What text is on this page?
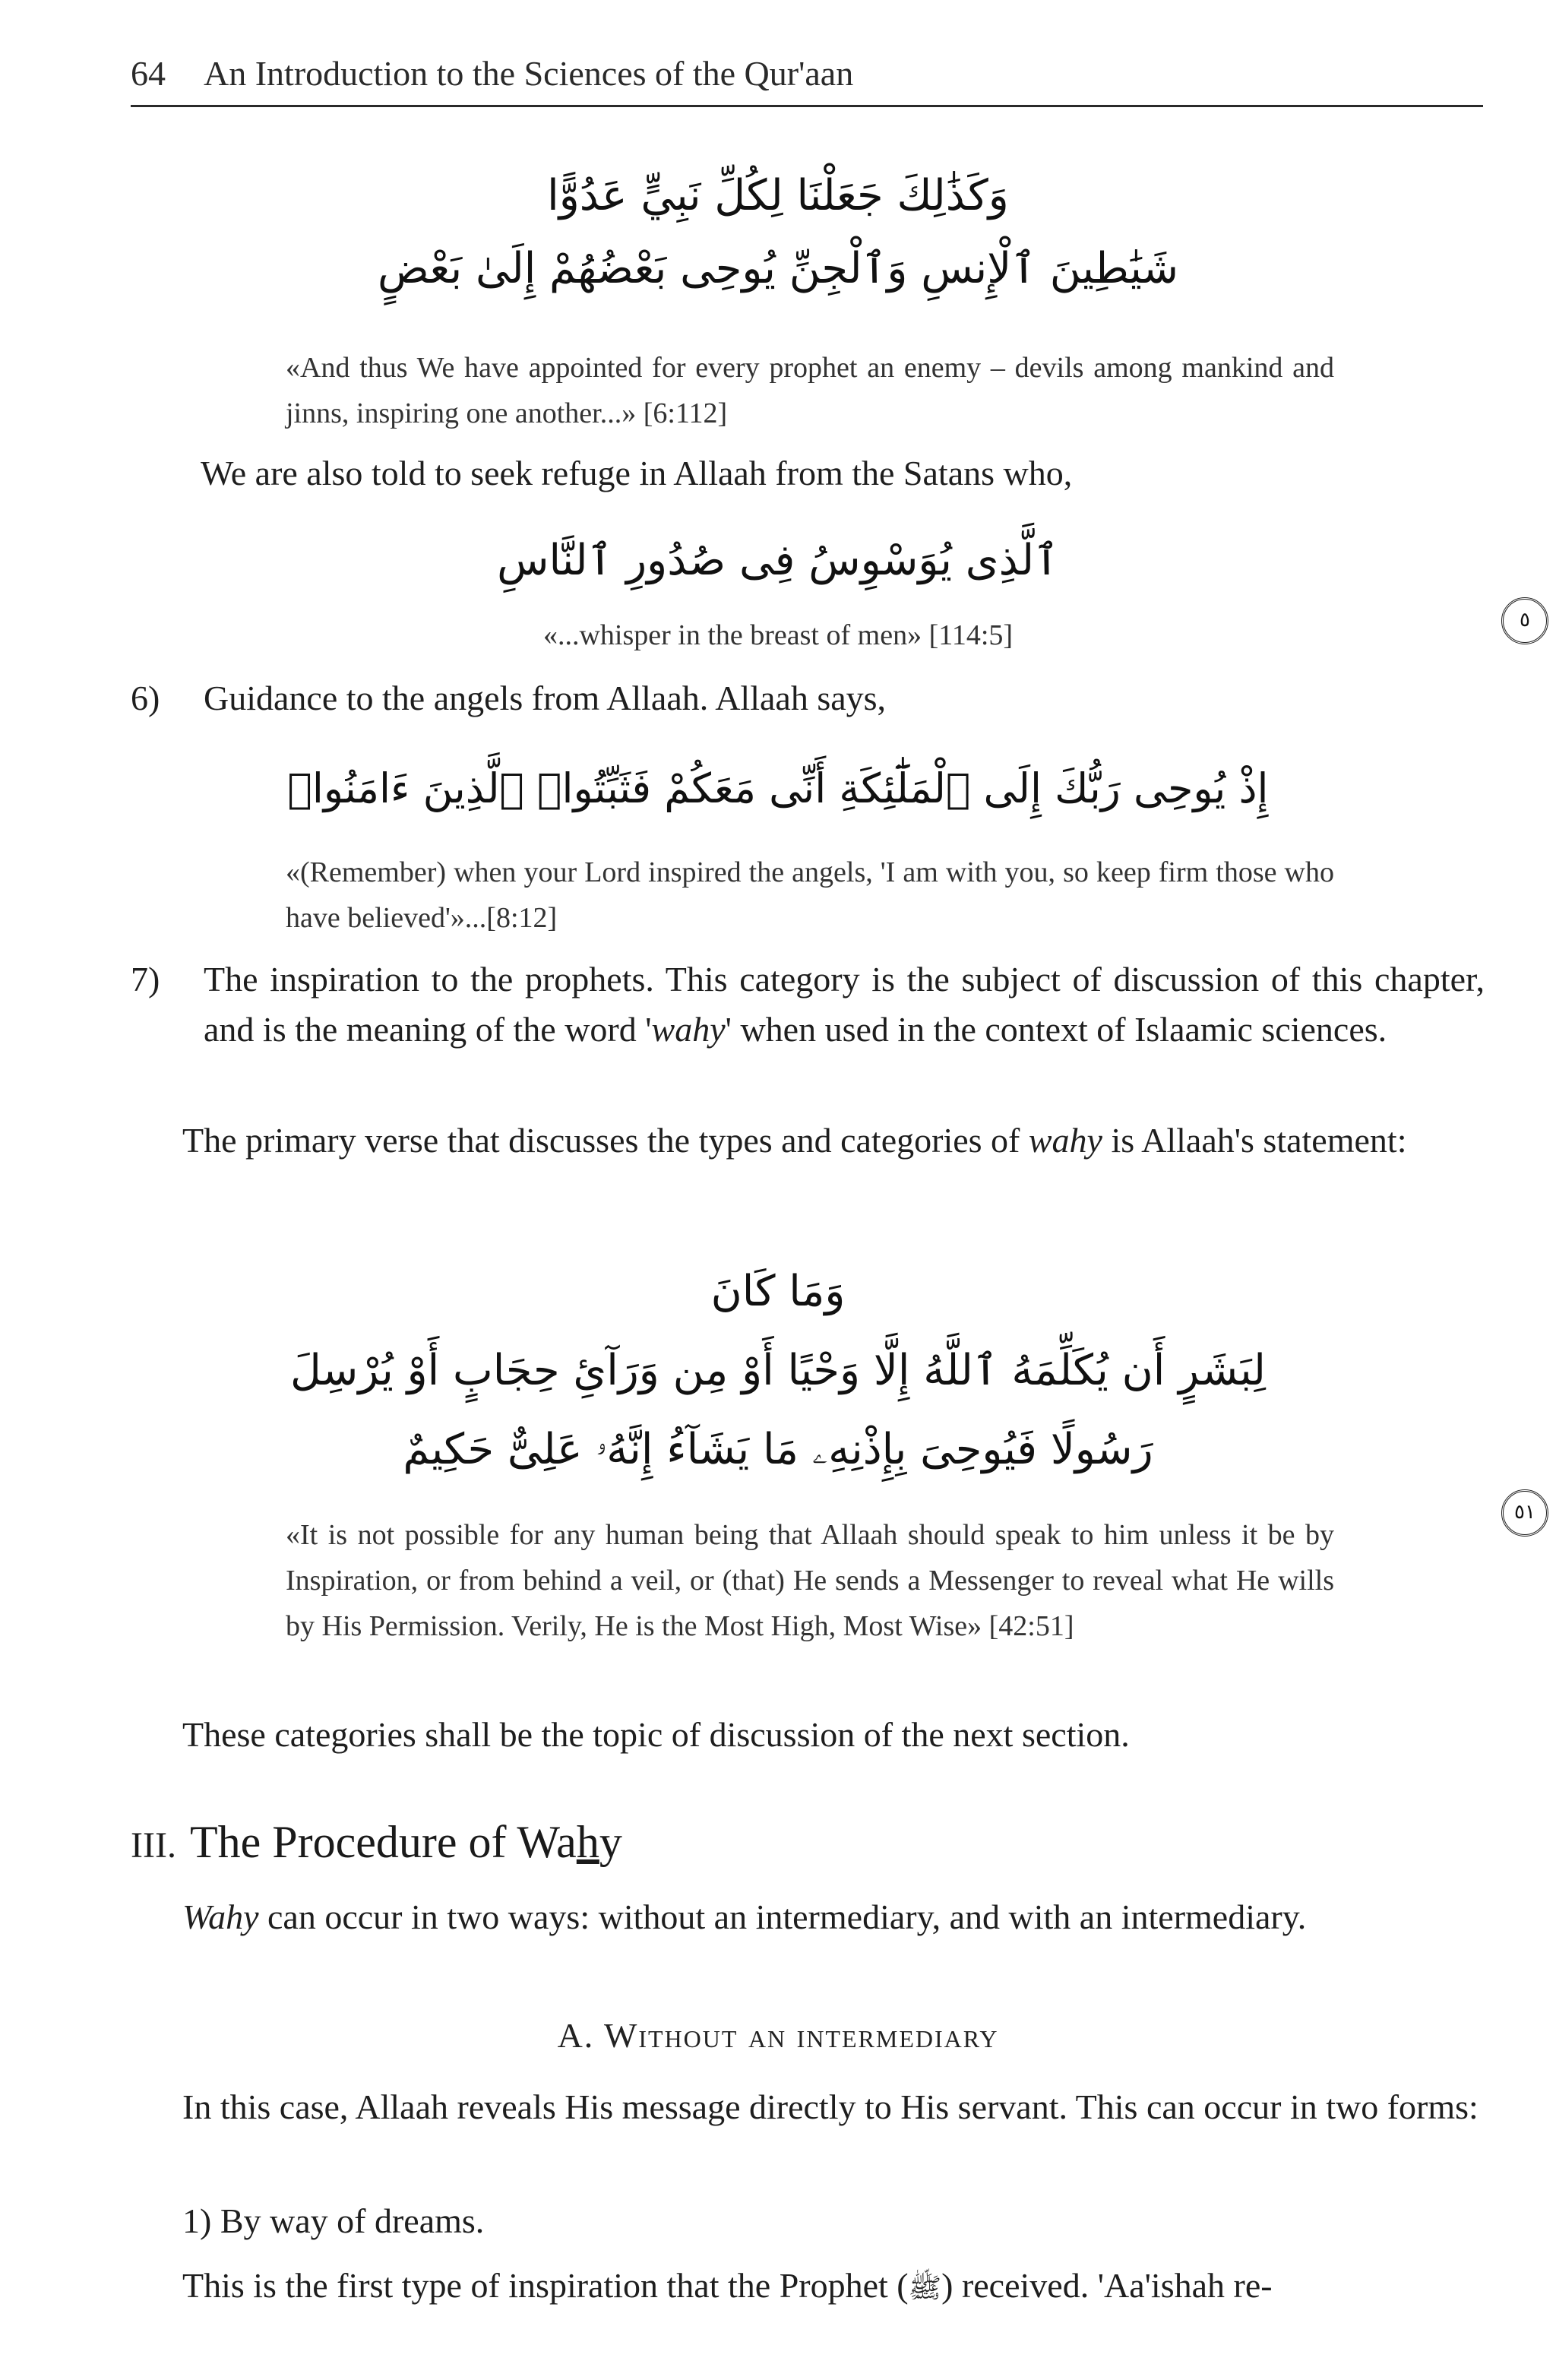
64 An Introduction to the Sciences of the Qur'aan
وَكَذَٰلِكَ جَعَلْنَا لِكُلِّ نَبِيٍّ عَدُوًّا
شَيَٰطِينَ ٱلْإِنسِ وَٱلْجِنِّ يُوحِى بَعْضُهُمْ إِلَىٰ بَعْضٍ
«And thus We have appointed for every prophet an enemy – devils among mankind and jinns, inspiring one another...» [6:112]
We are also told to seek refuge in Allaah from the Satans who,
ٱلَّذِى يُوَسْوِسُ فِى صُدُورِ ٱلنَّاسِ
٥
«...whisper in the breast of men» [114:5]
6) Guidance to the angels from Allaah. Allaah says,
إِذْ يُوحِى رَبُّكَ إِلَى ٱلْمَلَٰٓئِكَةِ أَنِّى مَعَكُمْ فَثَبِّتُوا۟ ٱلَّذِينَ ءَامَنُوا۟
«(Remember) when your Lord inspired the angels, 'I am with you, so keep firm those who have believed'»...[8:12]
7) The inspiration to the prophets. This category is the subject of discussion of this chapter, and is the meaning of the word 'wahy' when used in the context of Islaamic sciences.
The primary verse that discusses the types and categories of wahy is Allaah's statement:
وَمَا كَانَ
لِبَشَرٍ أَن يُكَلِّمَهُ ٱللَّهُ إِلَّا وَحْيًا أَوْ مِن وَرَآئِ حِجَابٍ أَوْ يُرْسِلَ
رَسُولًا فَيُوحِىَ بِإِذْنِهِۦ مَا يَشَآءُ إِنَّهُۥ عَلِىٌّ حَكِيمٌ
٥١
«It is not possible for any human being that Allaah should speak to him unless it be by Inspiration, or from behind a veil, or (that) He sends a Messenger to reveal what He wills by His Permission. Verily, He is the Most High, Most Wise» [42:51]
These categories shall be the topic of discussion of the next section.
III. The Procedure of Wahy
Wahy can occur in two ways: without an intermediary, and with an intermediary.
A. Without an intermediary
In this case, Allaah reveals His message directly to His servant. This can occur in two forms:
1) By way of dreams.
This is the first type of inspiration that the Prophet (ﷺ) received. 'Aa'ishah re-
